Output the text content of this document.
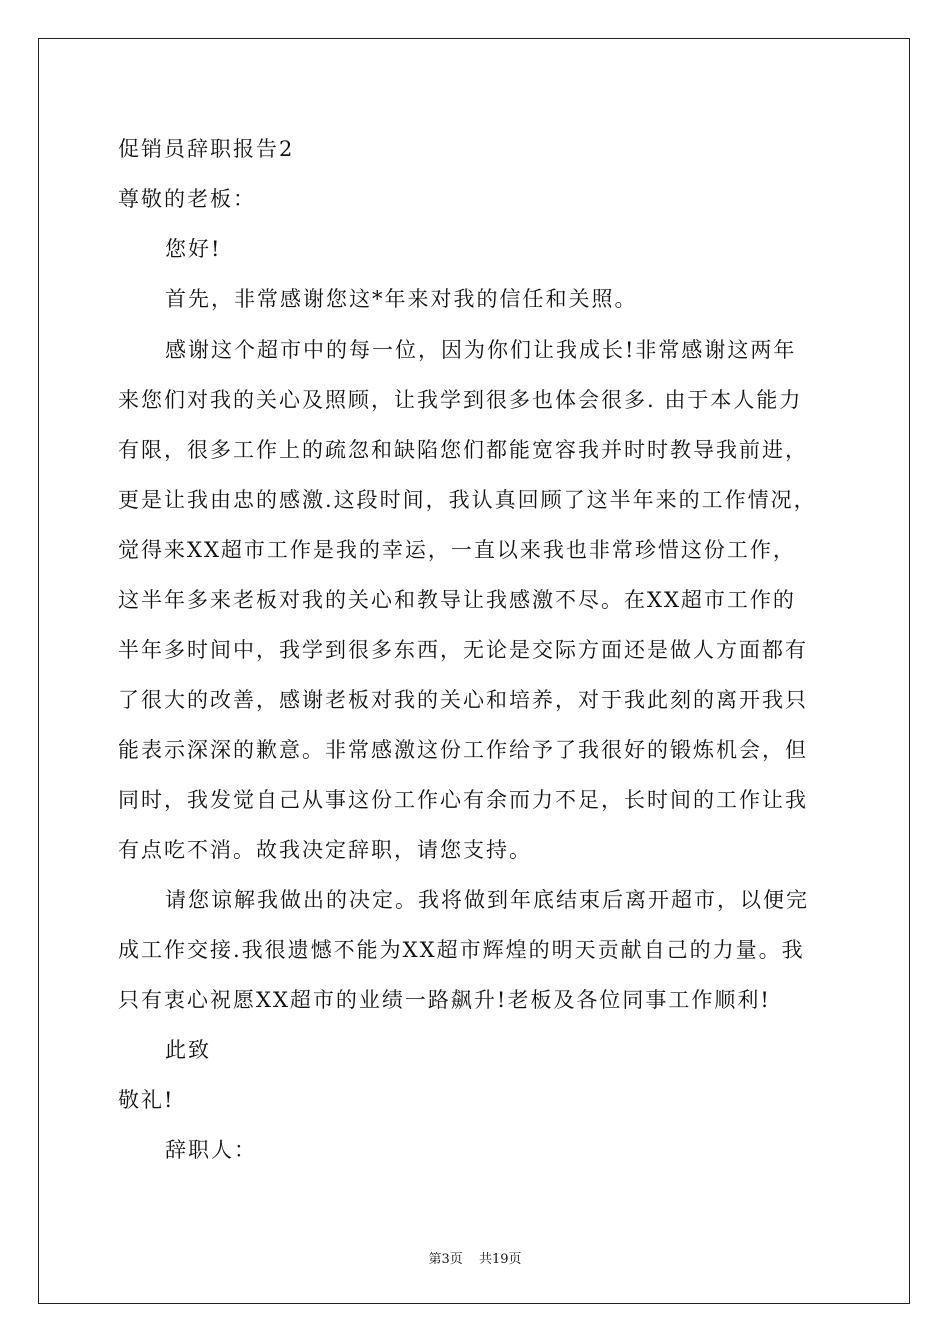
促销员辞职报告2
尊敬的老板：
您好!
首先，非常感谢您这*年来对我的信任和关照。
感谢这个超市中的每一位，因为你们让我成长!非常感谢这两年
来您们对我的关心及照顾，让我学到很多也体会很多. 由于本人能力
有限，很多工作上的疏忽和缺陷您们都能宽容我并时时教导我前进，
更是让我由忠的感激.这段时间，我认真回顾了这半年来的工作情况，
觉得来XX超市工作是我的幸运，一直以来我也非常珍惜这份工作，
这半年多来老板对我的关心和教导让我感激不尽。在XX超市工作的
半年多时间中，我学到很多东西，无论是交际方面还是做人方面都有
了很大的改善，感谢老板对我的关心和培养，对于我此刻的离开我只
能表示深深的歉意。非常感激这份工作给予了我很好的锻炼机会，但
同时，我发觉自己从事这份工作心有余而力不足，长时间的工作让我
有点吃不消。故我决定辞职，请您支持。
请您谅解我做出的决定。我将做到年底结束后离开超市，以便完
成工作交接.我很遗憾不能为XX超市辉煌的明天贡献自己的力量。我
只有衷心祝愿XX超市的业绩一路飙升!老板及各位同事工作顺利!
此致
敬礼!
辞职人：
第3页 共19页
